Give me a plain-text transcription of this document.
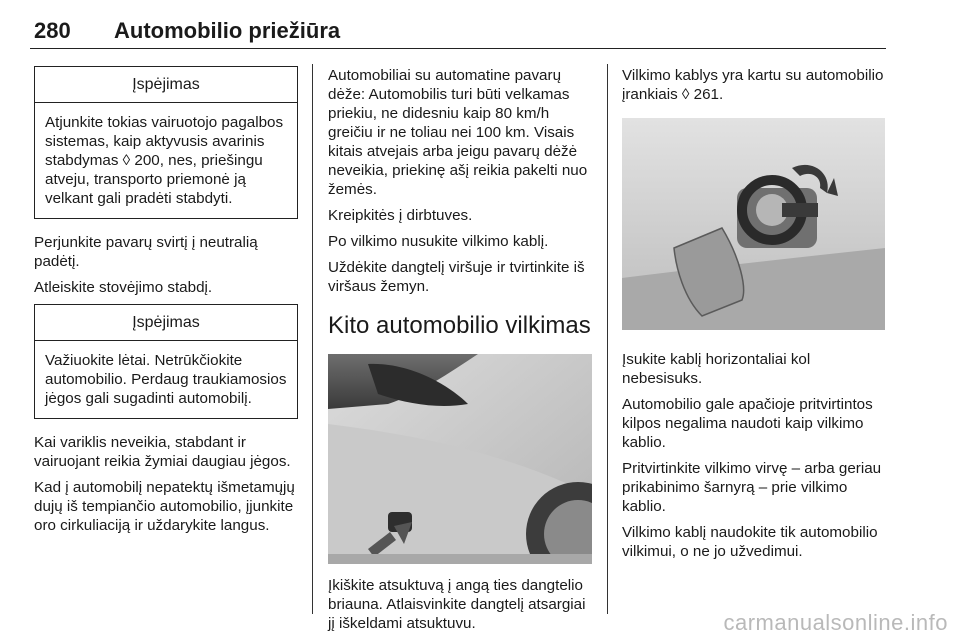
280 Automobilio priežiūra
Įspėjimas
Atjunkite tokias vairuotojo pagalbos sistemas, kaip aktyvusis avarinis stabdymas ◊ 200, nes, priešingu atveju, transporto priemonė ją velkant gali pradėti stabdyti.

Perjunkite pavarų svirtį į neutralią padėtį.

Atleiskite stovėjimo stabdį.

Įspėjimas
Važiuokite lėtai. Netrūkčiokite automobilio. Perdaug traukiamosios jėgos gali sugadinti automobilį.

Kai variklis neveikia, stabdant ir vairuojant reikia žymiai daugiau jėgos.

Kad į automobilį nepatektų išmetamųjų dujų iš tempiančio automobilio, įjunkite oro cirkuliaciją ir uždarykite langus.

Automobiliai su automatine pavarų dėže: Automobilis turi būti velkamas priekiu, ne didesniu kaip 80 km/h greičiu ir ne toliau nei 100 km. Visais kitais atvejais arba jeigu pavarų dėžė neveikia, priekinę ašį reikia pakelti nuo žemės.

Kreipkitės į dirbtuves.

Po vilkimo nusukite vilkimo kablį.

Uždėkite dangtelį viršuje ir tvirtinkite iš viršaus žemyn.

Kito automobilio vilkimas

Įkiškite atsuktuvą į angą ties dangtelio briauna. Atlaisvinkite dangtelį atsargiai jį iškeldami atsuktuvu.

Vilkimo kablys yra kartu su automobilio įrankiais ◊ 261.

Įsukite kablį horizontaliai kol nebesisuks.

Automobilio gale apačioje pritvirtintos kilpos negalima naudoti kaip vilkimo kablio.

Pritvirtinkite vilkimo virvę – arba geriau prikabinimo šarnyrą – prie vilkimo kablio.

Vilkimo kablį naudokite tik automobilio vilkimui, o ne jo užvedimui.

carmanualsonline.info
